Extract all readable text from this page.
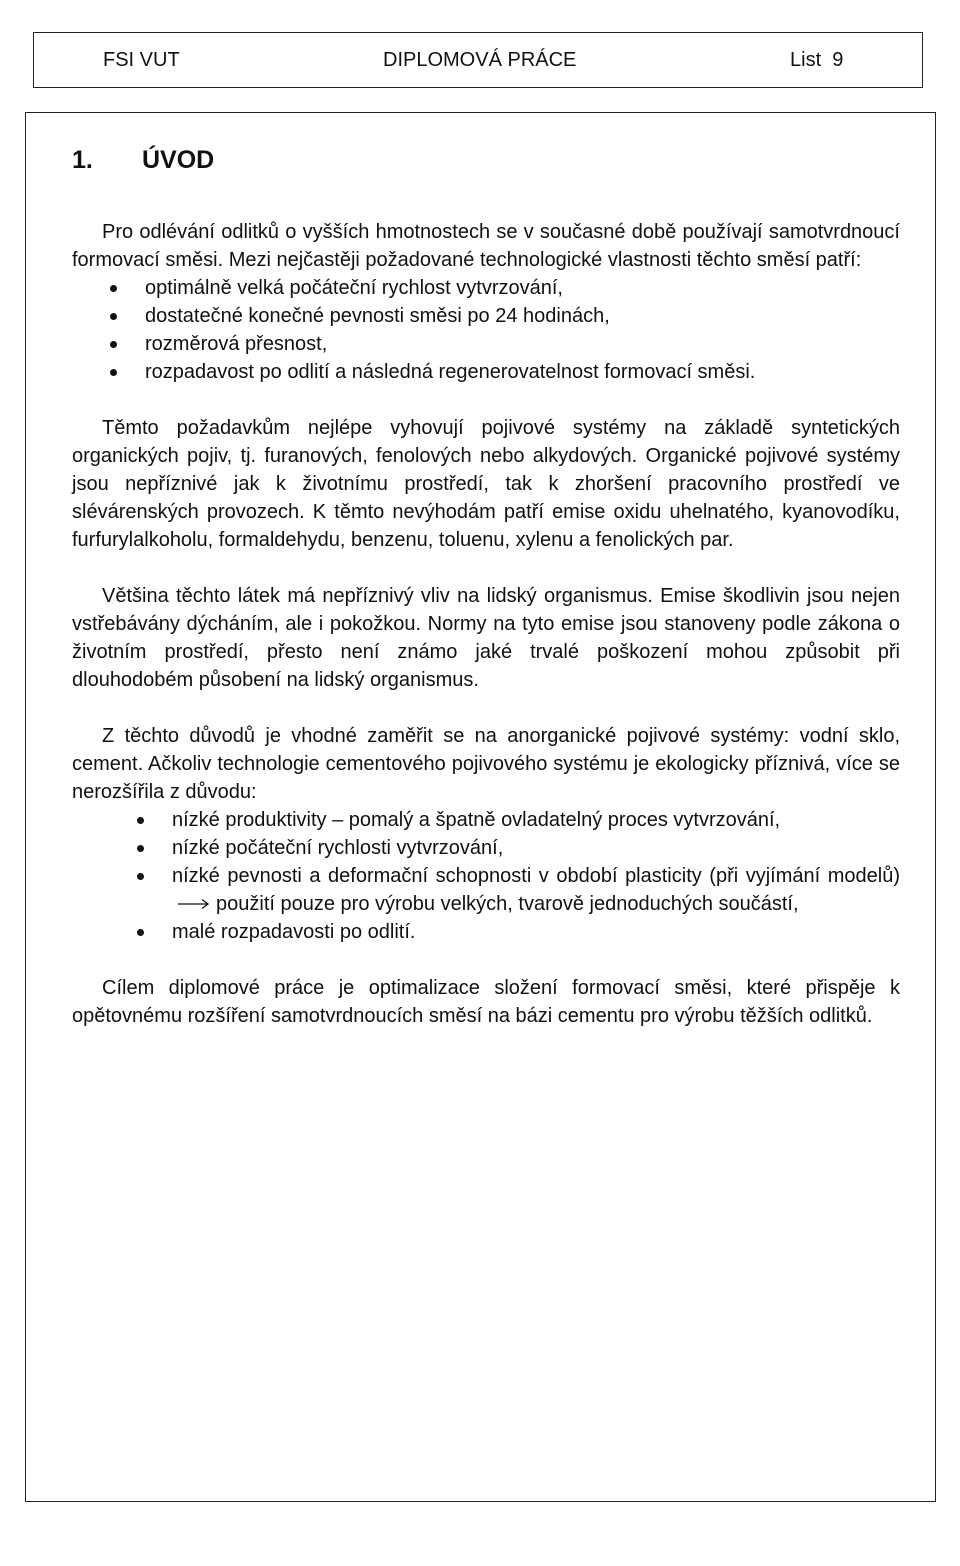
FSI VUT	DIPLOMOVÁ PRÁCE	List  9
1. ÚVOD

Pro odlévání odlitků o vyšších hmotnostech se v současné době používají samotvrdnoucí formovací směsi. Mezi nejčastěji požadované technologické vlastnosti těchto směsí patří:

optimálně velká počáteční rychlost vytvrzování,
dostatečné konečné pevnosti směsi po 24 hodinách,
rozměrová přesnost,
rozpadavost po odlití a následná regenerovatelnost formovací směsi.

Těmto požadavkům nejlépe vyhovují pojivové systémy na základě syntetických organických pojiv, tj. furanových, fenolových nebo alkydových. Organické pojivové systémy jsou nepříznivé jak k životnímu prostředí, tak k zhoršení pracovního prostředí ve slévárenských provozech. K těmto nevýhodám patří emise oxidu uhelnatého, kyanovodíku, furfurylalkoholu, formaldehydu, benzenu, toluenu, xylenu a fenolických par.

Většina těchto látek má nepříznivý vliv na lidský organismus. Emise škodlivin jsou nejen vstřebávány dýcháním, ale i pokožkou. Normy na tyto emise jsou stanoveny podle zákona o životním prostředí, přesto není známo jaké trvalé poškození mohou způsobit při dlouhodobém působení na lidský organismus.

Z těchto důvodů je vhodné zaměřit se na anorganické pojivové systémy: vodní sklo, cement. Ačkoliv technologie cementového pojivového systému je ekologicky příznivá, více se nerozšířila z důvodu:

nízké produktivity – pomalý a špatně ovladatelný proces vytvrzování,
nízké počáteční rychlosti vytvrzování,
nízké pevnosti a deformační schopnosti v období plasticity (při vyjímání modelů)použití pouze pro výrobu velkých, tvarově jednoduchých součástí,
malé rozpadavosti po odlití.

Cílem diplomové práce je optimalizace složení formovací směsi, které přispěje k opětovnému rozšíření samotvrdnoucích směsí na bázi cementu pro výrobu těžších odlitků.
